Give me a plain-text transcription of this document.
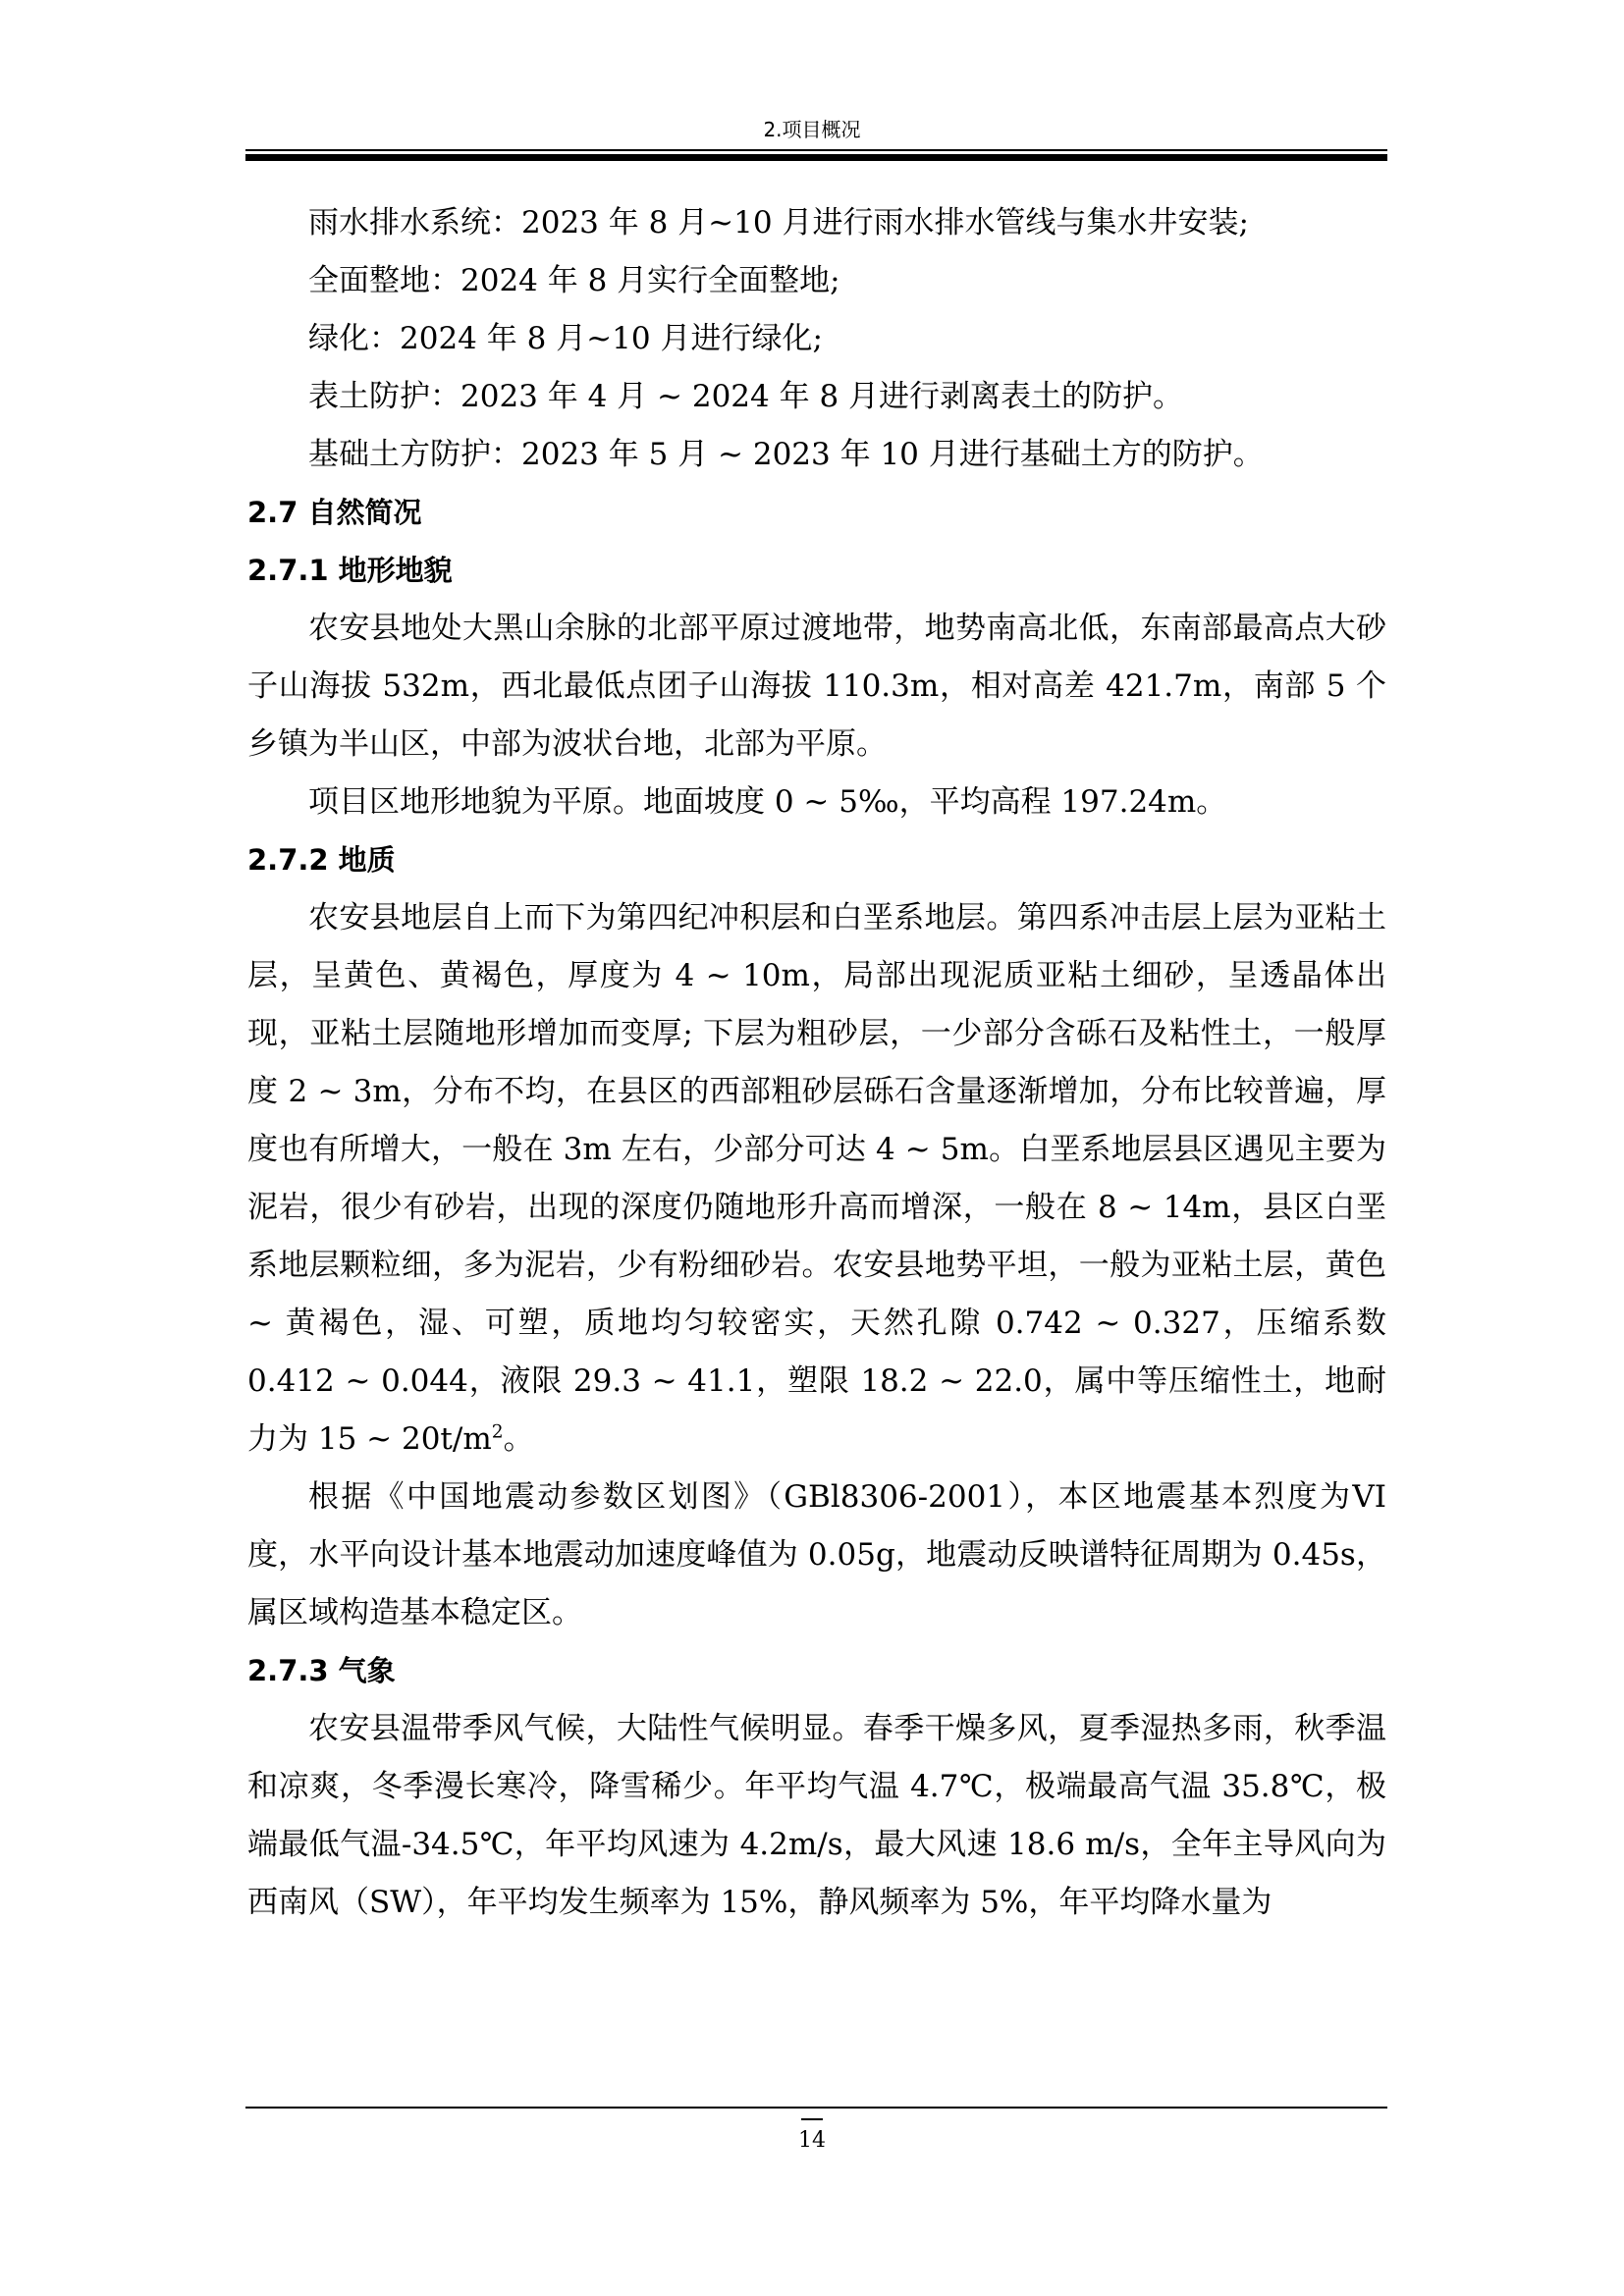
2.项目概况

雨水排水系统：2023 年 8 月~10 月进行雨水排水管线与集水井安装;

全面整地：2024 年 8 月实行全面整地;

绿化：2024 年 8 月~10 月进行绿化;

表土防护：2023 年 4 月 ~ 2024 年 8 月进行剥离表土的防护。

基础土方防护：2023 年 5 月 ~ 2023 年 10 月进行基础土方的防护。

2.7 自然简况
2.7.1 地形地貌

农安县地处大黑山余脉的北部平原过渡地带，地势南高北低，东南部最高点大砂子山海拔 532m，西北最低点团子山海拔 110.3m，相对高差 421.7m，南部 5 个乡镇为半山区，中部为波状台地，北部为平原。

项目区地形地貌为平原。地面坡度 0 ~ 5‰，平均高程 197.24m。

2.7.2 地质

农安县地层自上而下为第四纪冲积层和白垩系地层。第四系冲击层上层为亚粘土层，呈黄色、黄褐色，厚度为 4 ~ 10m，局部出现泥质亚粘土细砂，呈透晶体出现，亚粘土层随地形增加而变厚; 下层为粗砂层，一少部分含砾石及粘性土，一般厚度 2 ~ 3m，分布不均，在县区的西部粗砂层砾石含量逐渐增加，分布比较普遍，厚度也有所增大，一般在 3m 左右，少部分可达 4 ~ 5m。白垩系地层县区遇见主要为泥岩，很少有砂岩，出现的深度仍随地形升高而增深，一般在 8 ~ 14m，县区白垩系地层颗粒细，多为泥岩，少有粉细砂岩。农安县地势平坦，一般为亚粘土层，黄色 ~ 黄褐色，湿、可塑，质地均匀较密实，天然孔隙 0.742 ~ 0.327，压缩系数 0.412 ~ 0.044，液限 29.3 ~ 41.1，塑限 18.2 ~ 22.0，属中等压缩性土，地耐力为 15 ~ $20t/m^2$。

根据《中国地震动参数区划图》（GBl8306-2001），本区地震基本烈度为VI 度，水平向设计基本地震动加速度峰值为 0.05g，地震动反映谱特征周期为 0.45s，属区域构造基本稳定区。

2.7.3 气象

农安县温带季风气候，大陆性气候明显。春季干燥多风，夏季湿热多雨，秋季温和凉爽，冬季漫长寒冷，降雪稀少。年平均气温 4.7℃，极端最高气温 35.8℃，极端最低气温-34.5℃，年平均风速为 4.2m/s，最大风速 18.6 m/s，全年主导风向为西南风（SW），年平均发生频率为 15%，静风频率为 5%，年平均降水量为

14
